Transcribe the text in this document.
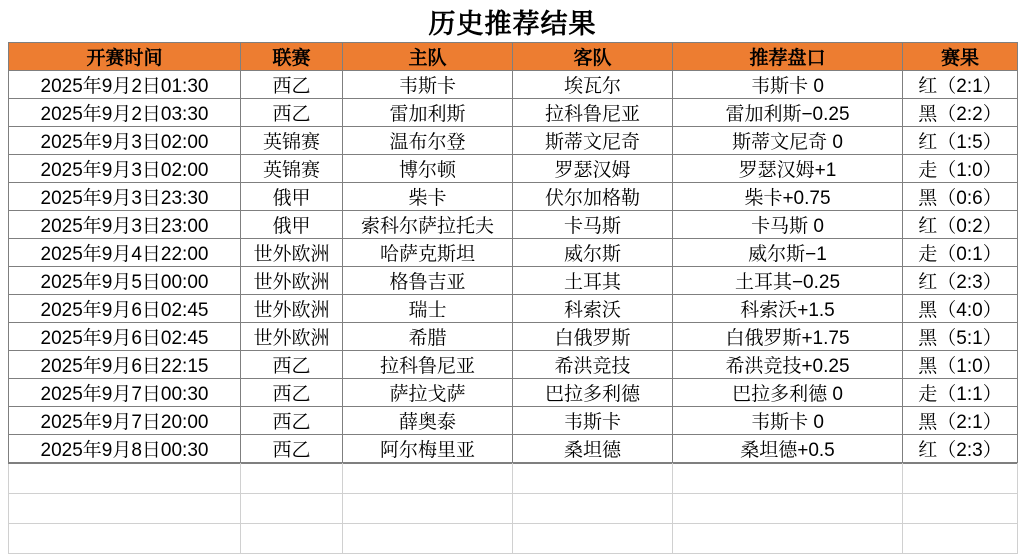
历史推荐结果
开赛时间	联赛	主队	客队	推荐盘口	赛果
2025年9月2日01:30	西乙	韦斯卡	埃瓦尔	韦斯卡 0	红（2:1）
2025年9月2日03:30	西乙	雷加利斯	拉科鲁尼亚	雷加利斯−0.25	黑（2:2）
2025年9月3日02:00	英锦赛	温布尔登	斯蒂文尼奇	斯蒂文尼奇 0	红（1:5）
2025年9月3日02:00	英锦赛	博尔顿	罗瑟汉姆	罗瑟汉姆+1	走（1:0）
2025年9月3日23:30	俄甲	柴卡	伏尔加格勒	柴卡+0.75	黑（0:6）
2025年9月3日23:00	俄甲	索科尔萨拉托夫	卡马斯	卡马斯 0	红（0:2）
2025年9月4日22:00	世外欧洲	哈萨克斯坦	威尔斯	威尔斯−1	走（0:1）
2025年9月5日00:00	世外欧洲	格鲁吉亚	土耳其	土耳其−0.25	红（2:3）
2025年9月6日02:45	世外欧洲	瑞士	科索沃	科索沃+1.5	黑（4:0）
2025年9月6日02:45	世外欧洲	希腊	白俄罗斯	白俄罗斯+1.75	黑（5:1）
2025年9月6日22:15	西乙	拉科鲁尼亚	希洪竞技	希洪竞技+0.25	黑（1:0）
2025年9月7日00:30	西乙	萨拉戈萨	巴拉多利德	巴拉多利德 0	走（1:1）
2025年9月7日20:00	西乙	薛奥泰	韦斯卡	韦斯卡 0	黑（2:1）
2025年9月8日00:30	西乙	阿尔梅里亚	桑坦德	桑坦德+0.5	红（2:3）
